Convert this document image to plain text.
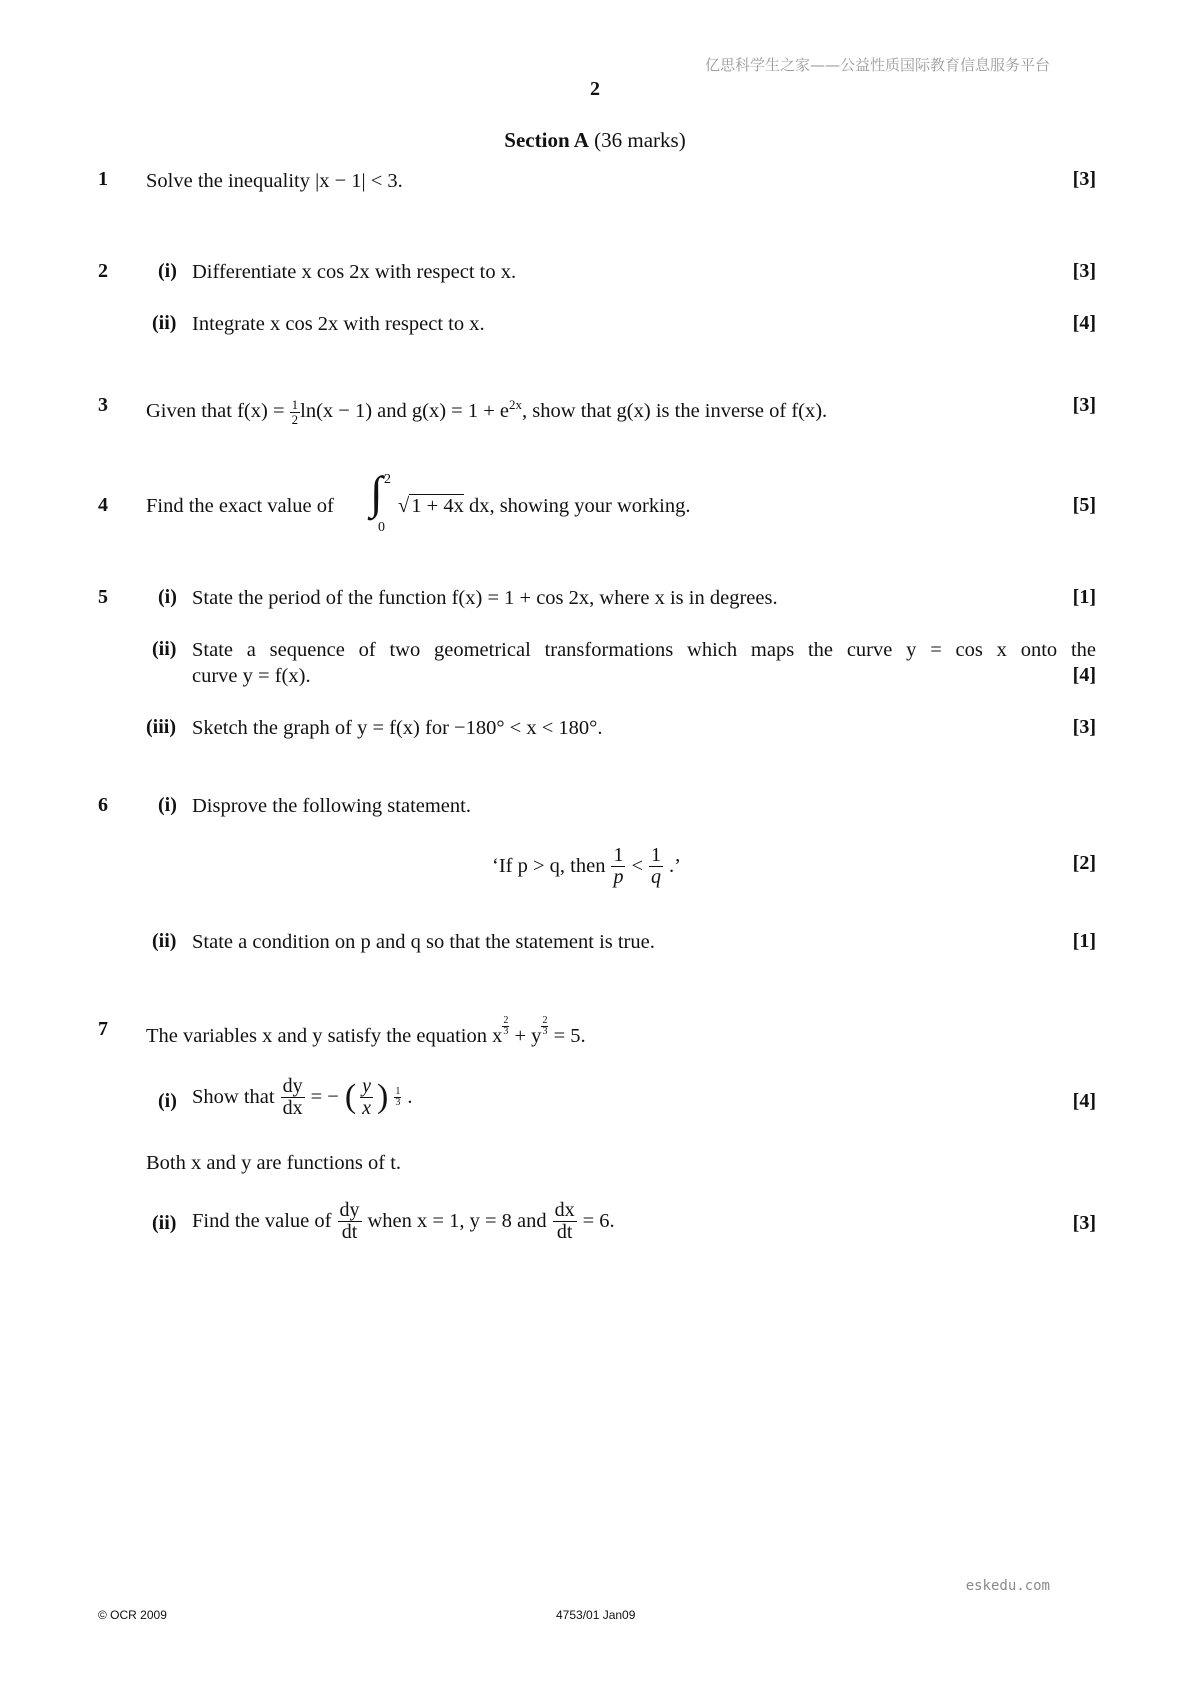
亿思科学生之家——公益性质国际教育信息服务平台
2
Section A (36 marks)
1 Solve the inequality |x − 1| < 3.	[3]
2	(i) Differentiate x cos 2x with respect to x.	[3]
(ii) Integrate x cos 2x with respect to x.	[4]
3 Given that $f(x) = \frac{1}{2} \ln(x - 1)$ and $g(x) = 1 + e^{2x}$, show that g(x) is the inverse of f(x).	[3]
4 Find the exact value of ∫ 2
0
√1 + 4x dx, showing your working.	[5]
5	(i) State the period of the function f(x) = 1 + cos 2x, where x is in degrees.	[1]
(ii) State a sequence of two geometrical transformations which maps the curve y = cos x onto the
curve y = f(x).	[4]
(iii) Sketch the graph of y = f(x) for −180° < x < 180°.	[3]
6	(i) Disprove the following statement.
‘If p > q, then $\frac{1}{p} < \frac{1}{q}$ .’	[2]
(ii) State a condition on p and q so that the statement is true.	[1]
7 The variables x and y satisfy the equation x $\frac{2}{3} + y \frac{2}{3} = 5$.
(i) Show that $\frac{dy}{dx}$ = − ( $\frac{y}{x}$ ) $\frac{1}{3}$ .	[4]
Both x and y are functions of t.
(ii) Find the value of $\frac{dy}{dt}$ when x = 1, y = 8 and $\frac{dx}{dt} = 6$.	[3]
eskedu.com
© OCR 2009	4753/01 Jan09
